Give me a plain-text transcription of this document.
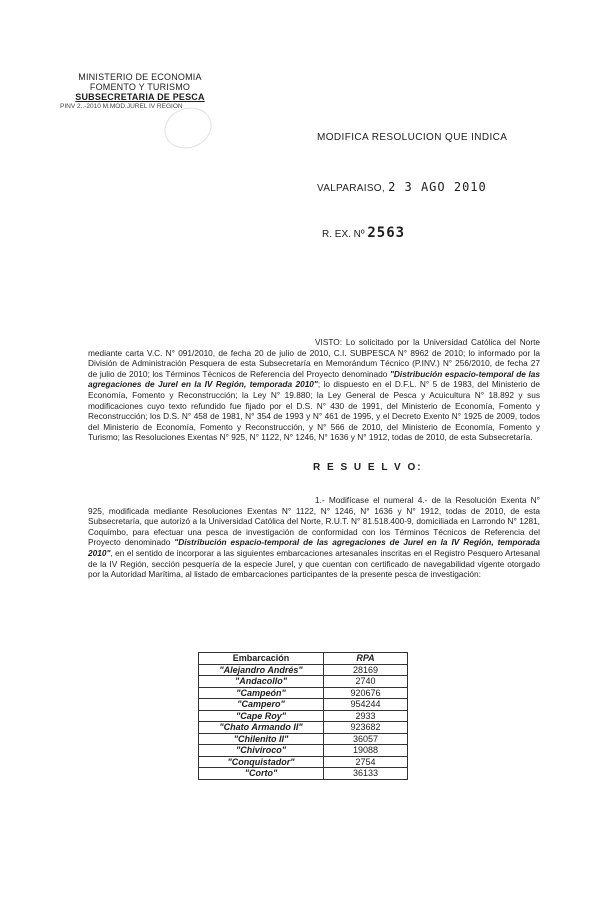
MINISTERIO DE ECONOMIA
FOMENTO Y TURISMO
SUBSECRETARIA DE PESCA
PINV 2..-2010 M.MOD.JUREL IV REGION
MODIFICA RESOLUCION QUE INDICA
VALPARAISO, 2 3 AGO 2010
R. EX. Nº 2563
VISTO: Lo solicitado por la Universidad Católica del Norte mediante carta V.C. N° 091/2010, de fecha 20 de julio de 2010, C.I. SUBPESCA N° 8962 de 2010; lo informado por la División de Administración Pesquera de esta Subsecretaría en Memorándum Técnico (P.INV.) N° 256/2010, de fecha 27 de julio de 2010; los Términos Técnicos de Referencia del Proyecto denominado "Distribución espacio-temporal de las agregaciones de Jurel en la IV Región, temporada 2010"; lo dispuesto en el D.F.L. N° 5 de 1983, del Ministerio de Economía, Fomento y Reconstrucción; la Ley N° 19.880; la Ley General de Pesca y Acuicultura N° 18.892 y sus modificaciones cuyo texto refundido fue fijado por el D.S. N° 430 de 1991, del Ministerio de Economía, Fomento y Reconstrucción; los D.S. N° 458 de 1981, N° 354 de 1993 y N° 461 de 1995, y el Decreto Exento N° 1925 de 2009, todos del Ministerio de Economía, Fomento y Reconstrucción, y N° 566 de 2010, del Ministerio de Economía, Fomento y Turismo; las Resoluciones Exentas N° 925, N° 1122, N° 1246, N° 1636 y N° 1912, todas de 2010, de esta Subsecretaría.
R E S U E L V O:
1.- Modifícase el numeral 4.- de la Resolución Exenta N° 925, modificada mediante Resoluciones Exentas N° 1122, N° 1246, N° 1636 y N° 1912, todas de 2010, de esta Subsecretaría, que autorizó a la Universidad Católica del Norte, R.U.T. N° 81.518.400-9, domiciliada en Larrondo N° 1281, Coquimbo, para efectuar una pesca de investigación de conformidad con los Términos Técnicos de Referencia del Proyecto denominado "Distribución espacio-temporal de las agregaciones de Jurel en la IV Región, temporada 2010", en el sentido de incorporar a las siguientes embarcaciones artesanales inscritas en el Registro Pesquero Artesanal de la IV Región, sección pesquería de la especie Jurel, y que cuentan con certificado de navegabilidad vigente otorgado por la Autoridad Marítima, al listado de embarcaciones participantes de la presente pesca de investigación:
Embarcación	RPA
"Alejandro Andrés"	28169
"Andacollo"	2740
"Campeón"	920676
"Campero"	954244
"Cape Roy"	2933
"Chato Armando II"	923682
"Chilenito II"	36057
"Chiviroco"	19088
"Conquistador"	2754
"Corto"	36133
